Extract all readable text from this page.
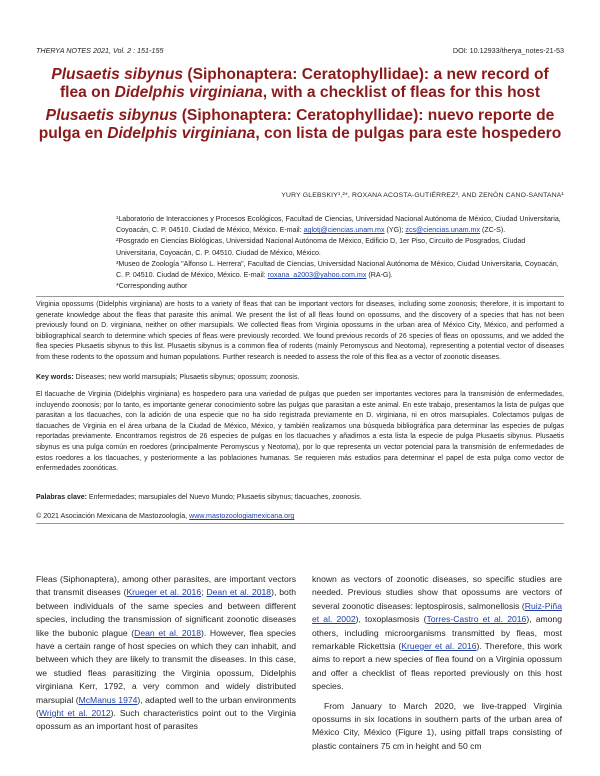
THERYA NOTES 2021, Vol. 2 : 151-155	DOI: 10.12933/therya_notes-21-53
Plusaetis sibynus (Siphonaptera: Ceratophyllidae): a new record of flea on Didelphis virginiana, with a checklist of fleas for this host
Plusaetis sibynus (Siphonaptera: Ceratophyllidae): nuevo reporte de pulga en Didelphis virginiana, con lista de pulgas para este hospedero
YURY GLEBSKIY¹,²*, ROXANA ACOSTA-GUTIÉRREZ³, AND ZENÓN CANO-SANTANA¹
¹Laboratorio de Interacciones y Procesos Ecológicos, Facultad de Ciencias, Universidad Nacional Autónoma de México, Ciudad Universitaria, Coyoacán, C. P. 04510. Ciudad de México, México. E-mail: aglotj@ciencias.unam.mx (YG); zcs@ciencias.unam.mx (ZC-S).
²Posgrado en Ciencias Biológicas, Universidad Nacional Autónoma de México, Edificio D, 1er Piso, Circuito de Posgrados, Ciudad Universitaria, Coyoacán, C. P. 04510. Ciudad de México, México.
³Museo de Zoología "Alfonso L. Herrera", Facultad de Ciencias, Universidad Nacional Autónoma de México, Ciudad Universitaria, Coyoacán, C. P. 04510. Ciudad de México, México. E-mail: roxana_a2003@yahoo.com.mx (RA-G).
*Corresponding author

Virginia opossums (Didelphis virginiana) are hosts to a variety of fleas that can be important vectors for diseases, including some zoonosis; therefore, it is important to generate knowledge about the fleas that parasite this animal. We present the list of all fleas found on opossums, and the discovery of a species that has not been previously found on D. virginiana, neither on other marsupials. We collected fleas from Virginia opossums in the urban area of México City, México, and performed a bibliographical search to determine which species of fleas were previously recorded. We found previous records of 26 species of fleas on opossums, and we added the flea species Plusaetis sibynus to this list. Plusaetis sibynus is a common flea of rodents (mainly Peromyscus and Neotoma), representing a potential vector of diseases from these rodents to the opossum and human populations. Further research is needed to assess the role of this flea as a vector of zoonotic diseases.

Key words: Diseases; new world marsupials; Plusaetis sibynus; opossum; zoonosis.

El tlacuache de Virginia (Didelphis virginiana) es hospedero para una variedad de pulgas que pueden ser importantes vectores para la transmisión de enfermedades, incluyendo zoonosis; por lo tanto, es importante generar conocimiento sobre las pulgas que parasitan a este animal. En este trabajo, presentamos la lista de pulgas que parasitan a los tlacuaches, con la adición de una especie que no ha sido registrada previamente en D. virginiana, ni en otros marsupiales. Colectamos pulgas de tlacuaches de Virginia en el área urbana de la Ciudad de México, México, y también realizamos una búsqueda bibliográfica para determinar las especies de pulgas reportadas previamente. Encontramos registros de 26 especies de pulgas en los tlacuaches y añadimos a esta lista la especie de pulga Plusaetis sibynus. Plusaetis sibynus es una pulga común en roedores (principalmente Peromyscus y Neotoma), por lo que representa un vector potencial para la transmisión de enfermedades de estos roedores a los tlacuaches, y posteriormente a las poblaciones humanas. Se requieren más estudios para determinar el papel de esta pulga como vector de enfermedades zoonóticas.

Palabras clave: Enfermedades; marsupiales del Nuevo Mundo; Plusaetis sibynus; tlacuaches, zoonosis.

© 2021 Asociación Mexicana de Mastozoología, www.mastozoologiamexicana.org

Fleas (Siphonaptera), among other parasites, are important vectors that transmit diseases (Krueger et al. 2016; Dean et al. 2018), both between individuals of the same species and between different species, including the transmission of significant zoonotic diseases like the bubonic plague (Dean et al. 2018). However, flea species have a certain range of host species on which they can inhabit, and between which they are likely to transmit the diseases. In this case, we studied fleas parasitizing the Virginia opossum, Didelphis virginiana Kerr, 1792, a very common and widely distributed marsupial (McManus 1974), adapted well to the urban environments (Wright et al. 2012). Such characteristics point out to the Virginia opossum as an important host of parasites

known as vectors of zoonotic diseases, so specific studies are needed. Previous studies show that opossums are vectors of several zoonotic diseases: leptospirosis, salmonellosis (Ruiz-Piña et al. 2002), toxoplasmosis (Torres-Castro et al. 2016), among others, including microorganisms transmitted by fleas, most remarkable Rickettsia (Krueger et al. 2016). Therefore, this work aims to report a new species of flea found on a Virginia opossum and offer a checklist of fleas reported previously on this host species.

From January to March 2020, we live-trapped Virginia opossums in six locations in southern parts of the urban area of México City, México (Figure 1), using pitfall traps consisting of plastic containers 75 cm in height and 50 cm
